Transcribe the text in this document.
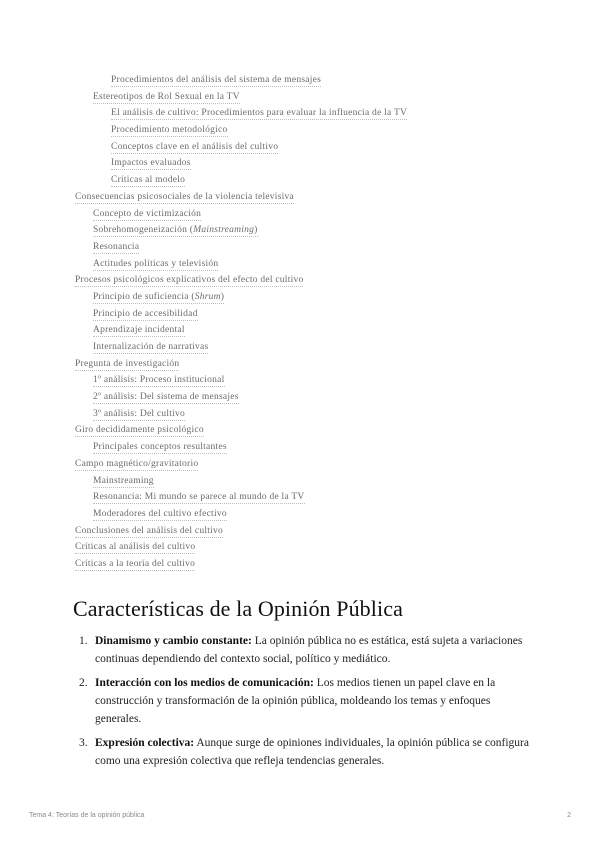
Procedimientos del análisis del sistema de mensajes
Estereotipos de Rol Sexual en la TV
El análisis de cultivo: Procedimientos para evaluar la influencia de la TV
Procedimiento metodológico
Conceptos clave en el análisis del cultivo
Impactos evaluados
Críticas al modelo
Consecuencias psicosociales de la violencia televisiva
Concepto de victimización
Sobrehomogeneización (Mainstreaming)
Resonancia
Actitudes políticas y televisión
Procesos psicológicos explicativos del efecto del cultivo
Principio de suficiencia (Shrum)
Principio de accesibilidad
Aprendizaje incidental
Internalización de narrativas
Pregunta de investigación
1º análisis: Proceso institucional
2º análisis: Del sistema de mensajes
3º análisis: Del cultivo
Giro decididamente psicológico
Principales conceptos resultantes
Campo magnético/gravitatorio
Mainstreaming
Resonancia: Mi mundo se parece al mundo de la TV
Moderadores del cultivo efectivo
Conclusiones del análisis del cultivo
Críticas al análisis del cultivo
Críticas a la teoría del cultivo
Características de la Opinión Pública
1. Dinamismo y cambio constante: La opinión pública no es estática, está sujeta a variaciones continuas dependiendo del contexto social, político y mediático.
2. Interacción con los medios de comunicación: Los medios tienen un papel clave en la construcción y transformación de la opinión pública, moldeando los temas y enfoques generales.
3. Expresión colectiva: Aunque surge de opiniones individuales, la opinión pública se configura como una expresión colectiva que refleja tendencias generales.
Tema 4: Teorías de la opinión pública	2
